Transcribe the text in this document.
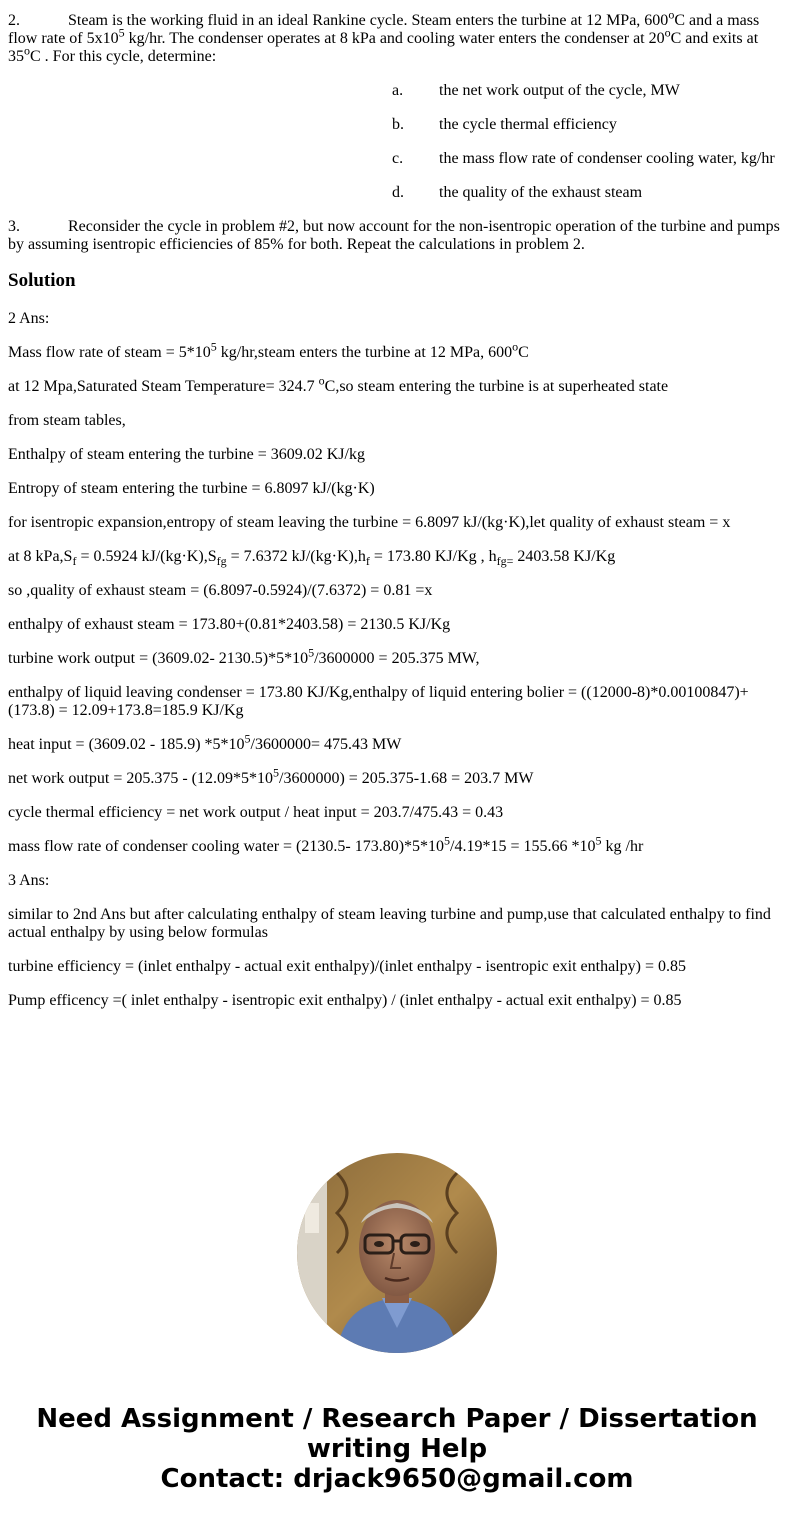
2.	Steam is the working fluid in an ideal Rankine cycle. Steam enters the turbine at 12 MPa, 600$^o$C and a mass flow rate of $5x10^5$ kg/hr. The condenser operates at 8 kPa and cooling water enters the condenser at 20$^o$C and exits at 35$^o$C . For this cycle, determine:

a. the net work output of the cycle, MW
b. the cycle thermal efficiency
c. the mass flow rate of condenser cooling water, kg/hr
d. the quality of the exhaust steam

3.	Reconsider the cycle in problem #2, but now account for the non-isentropic operation of the turbine and pumps by assuming isentropic efficiencies of 85% for both. Repeat the calculations in problem 2.

Solution

2 Ans:

Mass flow rate of steam = $5*10^5$ kg/hr,steam enters the turbine at 12 MPa, 600$^o$C

at 12 Mpa,Saturated Steam Temperature= 324.7 $^o$C,so steam entering the turbine is at superheated state

from steam tables,

Enthalpy of steam entering the turbine = 3609.02 KJ/kg

Entropy of steam entering the turbine = 6.8097 kJ/(kg·K)

for isentropic expansion,entropy of steam leaving the turbine = 6.8097 kJ/(kg·K),let quality of exhaust steam = x

at 8 $kPa,S_f = 0.5924$ $kJ/(kg\cdot K),S_{fg} = 7.6372$ $kJ/(kg\cdot K),h_f = 173.80$ KJ/Kg , $h_{fg=}$ 2403.58 KJ/Kg

so ,quality of exhaust steam = (6.8097-0.5924)/(7.6372) = 0.81 =x

enthalpy of exhaust steam = 173.80+(0.81*2403.58) = 2130.5 KJ/Kg

turbine work output = (3609.02- $2130.5)*5*10^5/3600000 = 205.375$ MW,

enthalpy of liquid leaving condenser = 173.80 KJ/Kg,enthalpy of liquid entering bolier = ((12000-8)*0.00100847)+(173.8) = 12.09+173.8=185.9 KJ/Kg

heat input = (3609.02 - 185.9) $*5*10^5/3600000= 475.43$ MW

net work output = $205.375 - (12.09*5*10^5/3600000) = 205.375-1.68 = 203.7$ MW

cycle thermal efficiency = net work output / heat input = 203.7/475.43 = 0.43

mass flow rate of condenser cooling water = (2130.5- $173.80)*5*10^5/4.19*15 = 155.66$ $*10^5$ kg /hr

3 Ans:

similar to 2nd Ans but after calculating enthalpy of steam leaving turbine and pump,use that calculated enthalpy to find actual enthalpy by using below formulas

turbine efficiency = (inlet enthalpy - actual exit enthalpy)/(inlet enthalpy - isentropic exit enthalpy) = 0.85

Pump efficency =( inlet enthalpy - isentropic exit enthalpy) / (inlet enthalpy - actual exit enthalpy) = 0.85

Need Assignment / Research Paper / Dissertation
writing Help
Contact: drjack9650@gmail.com
